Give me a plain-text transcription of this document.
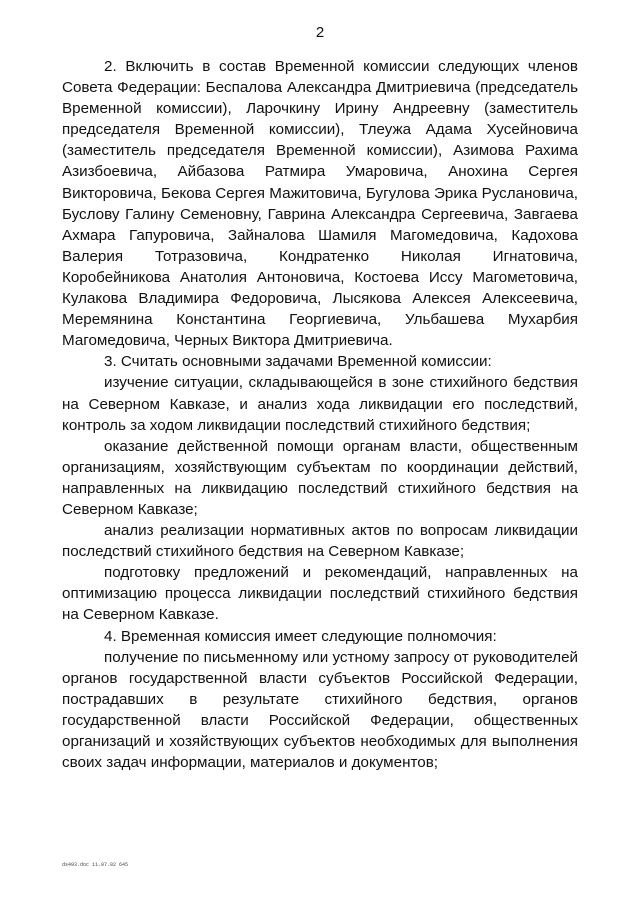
2

2. Включить в состав Временной комиссии следующих членов Совета Федерации: Беспалова Александра Дмитриевича (председатель Временной комиссии), Ларочкину Ирину Андреевну (заместитель председателя Временной комиссии), Тлеужа Адама Хусейновича (заместитель председателя Временной комиссии), Азимова Рахима Азизбоевича, Айбазова Ратмира Умаровича, Анохина Сергея Викторовича, Бекова Сергея Мажитовича, Бугулова Эрика Руслановича, Буслову Галину Семеновну, Гаврина Александра Сергеевича, Завгаева Ахмара Гапуровича, Зайналова Шамиля Магомедовича, Кадохова Валерия Тотразовича, Кондратенко Николая Игнатовича, Коробейникова Анатолия Антоновича, Костоева Иссу Магометовича, Кулакова Владимира Федоровича, Лысякова Алексея Алексеевича, Меремянина Константина Георгиевича, Ульбашева Мухарбия Магомедовича, Черных Виктора Дмитриевича.

3. Считать основными задачами Временной комиссии:

изучение ситуации, складывающейся в зоне стихийного бедствия на Северном Кавказе, и анализ хода ликвидации его последствий, контроль за ходом ликвидации последствий стихийного бедствия;

оказание действенной помощи органам власти, общественным организациям, хозяйствующим субъектам по координации действий, направленных на ликвидацию последствий стихийного бедствия на Северном Кавказе;

анализ реализации нормативных актов по вопросам ликвидации последствий стихийного бедствия на Северном Кавказе;

подготовку предложений и рекомендаций, направленных на оптимизацию процесса ликвидации последствий стихийного бедствия на Северном Кавказе.

4. Временная комиссия имеет следующие полномочия:

получение по письменному или устному запросу от руководителей органов государственной власти субъектов Российской Федерации, пострадавших в результате стихийного бедствия, органов государственной власти Российской Федерации, общественных организаций и хозяйствующих субъектов необходимых для выполнения своих задач информации, материалов и документов;

ds493.doc 11.07.02 645
